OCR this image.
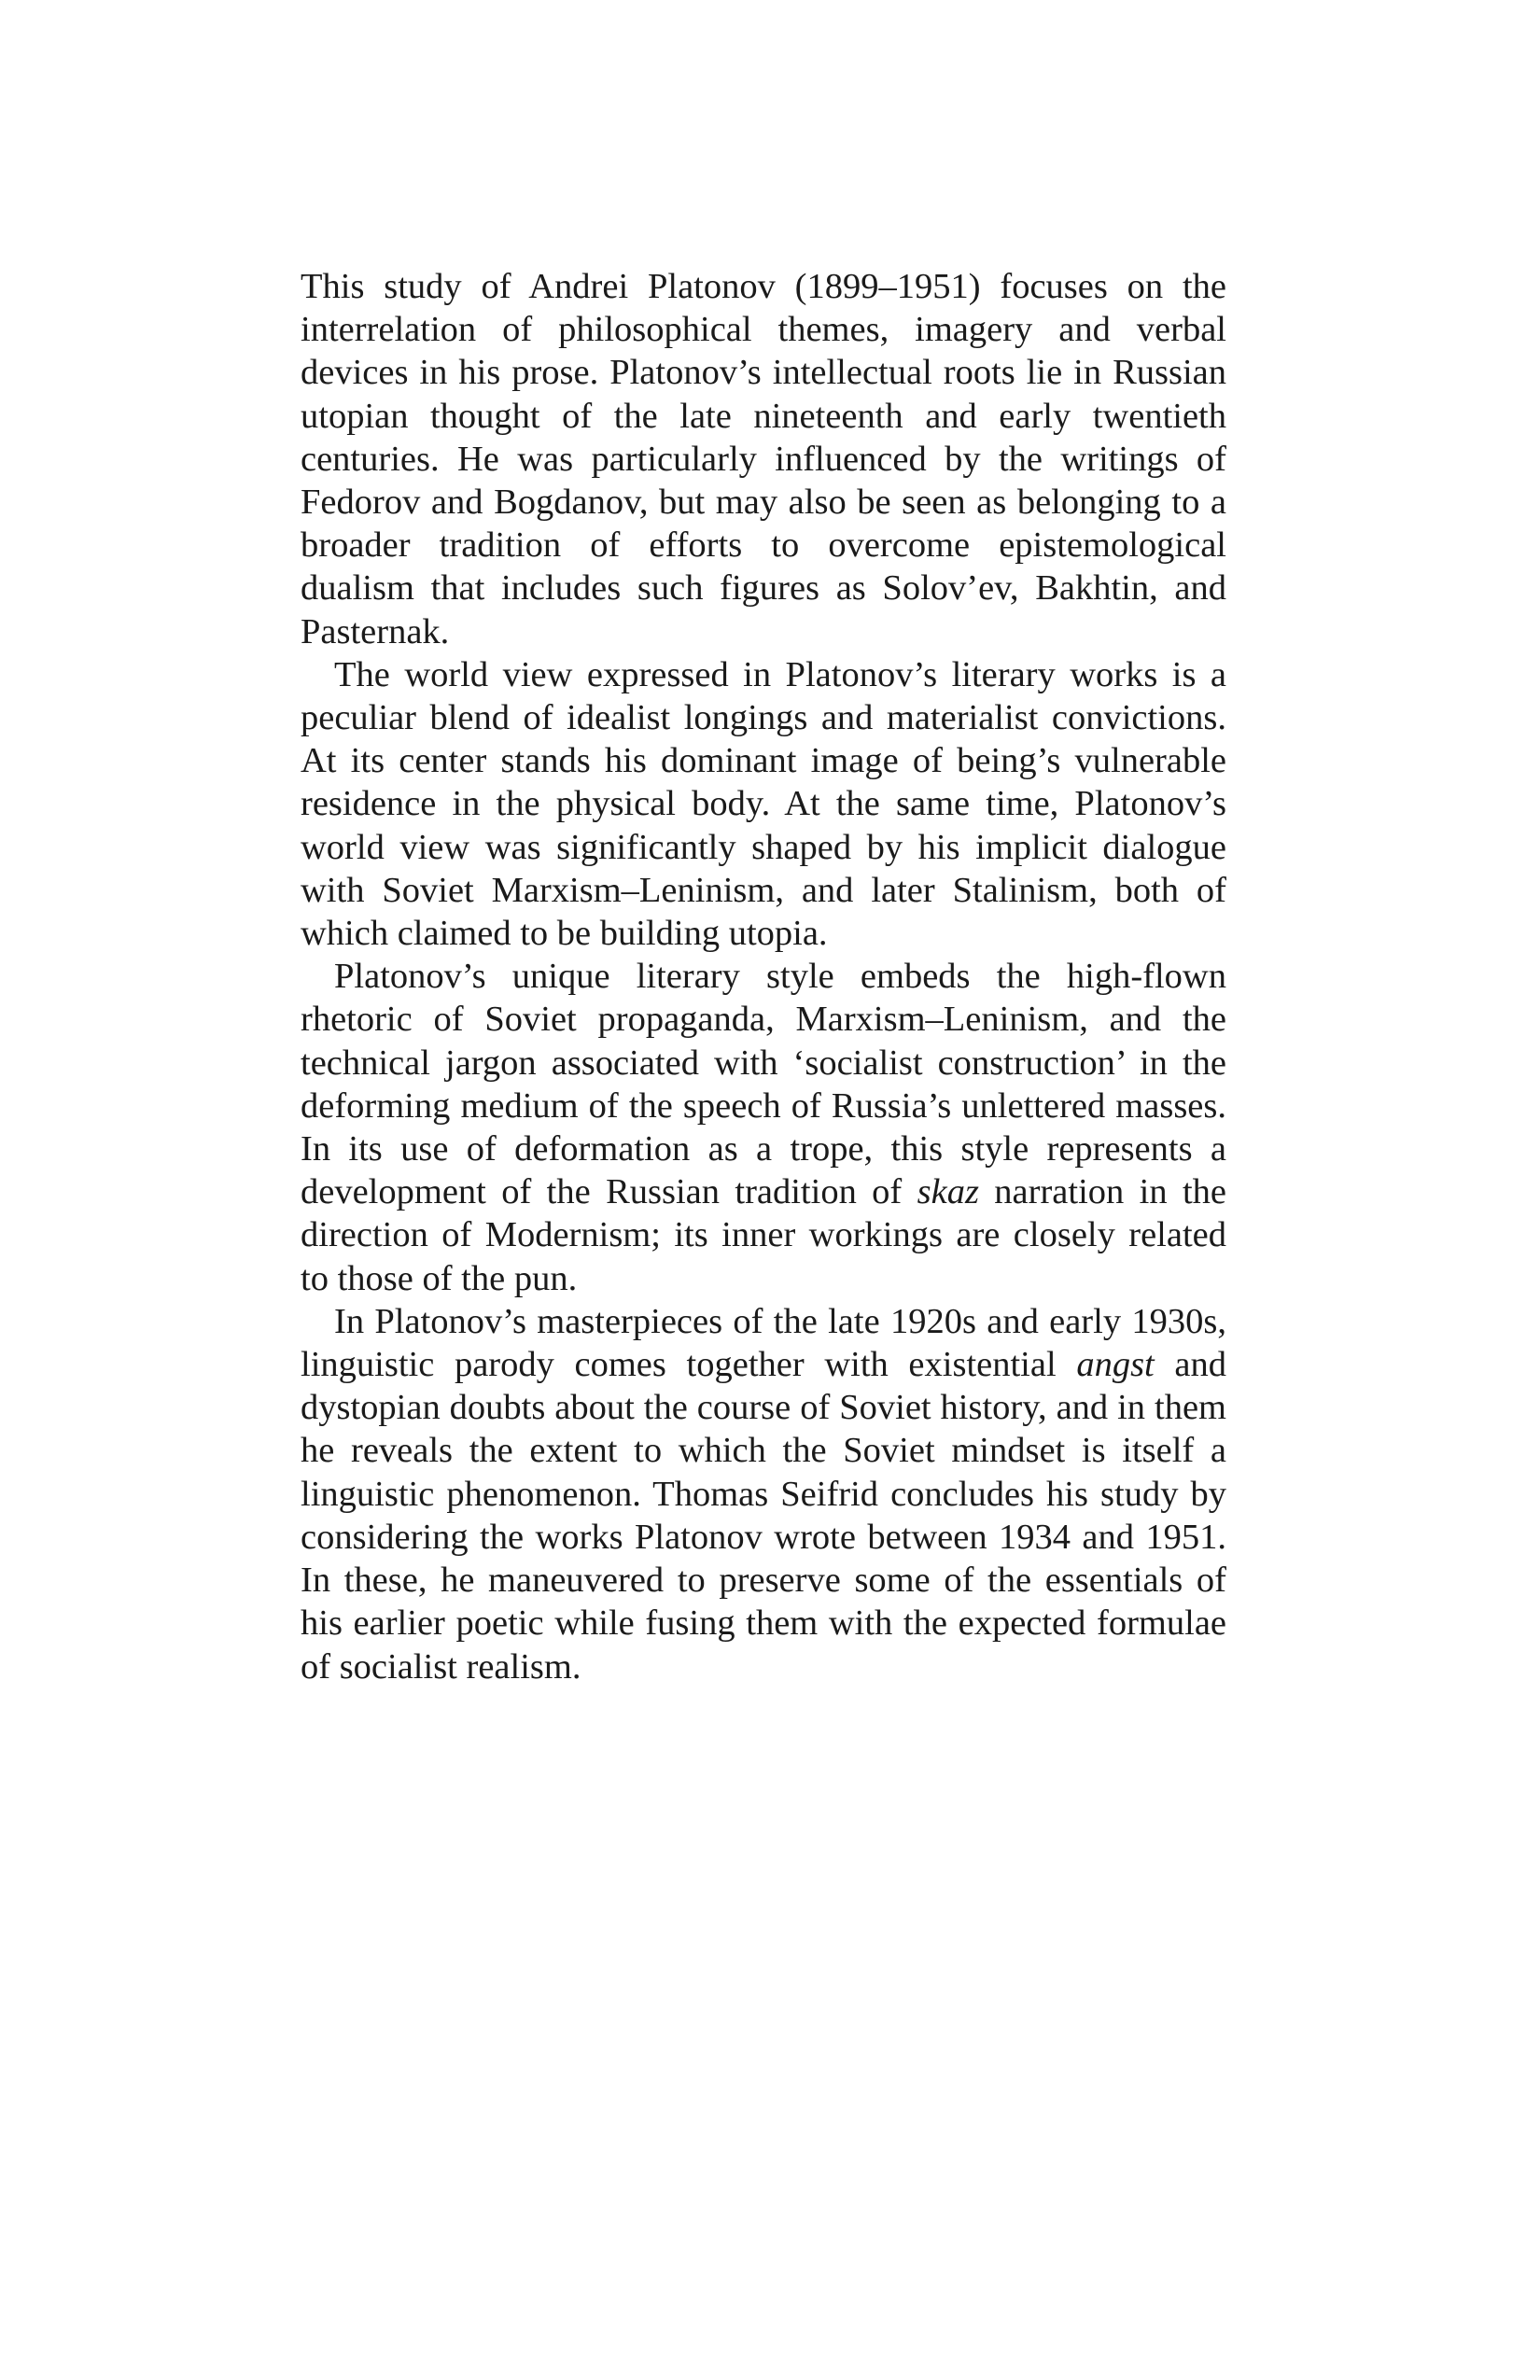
This study of Andrei Platonov (1899–1951) focuses on the interrelation of philosophical themes, imagery and verbal devices in his prose. Platonov’s intellectual roots lie in Russian utopian thought of the late nineteenth and early twentieth centuries. He was particularly influenced by the writings of Fedorov and Bogdanov, but may also be seen as belonging to a broader tradition of efforts to overcome epistemological dualism that includes such figures as Solov’ev, Bakhtin, and Pasternak.

The world view expressed in Platonov’s literary works is a peculiar blend of idealist longings and materialist convictions. At its center stands his dominant image of being’s vulnerable residence in the physical body. At the same time, Platonov’s world view was significantly shaped by his implicit dialogue with Soviet Marxism–Leninism, and later Stalinism, both of which claimed to be building utopia.

Platonov’s unique literary style embeds the high-flown rhetoric of Soviet propaganda, Marxism–Leninism, and the technical jargon associated with ‘socialist construction’ in the deforming medium of the speech of Russia’s unlettered masses. In its use of deformation as a trope, this style represents a development of the Russian tradition of skaz narration in the direction of Modernism; its inner workings are closely related to those of the pun.

In Platonov’s masterpieces of the late 1920s and early 1930s, linguistic parody comes together with existential angst and dystopian doubts about the course of Soviet history, and in them he reveals the extent to which the Soviet mindset is itself a linguistic phenomenon. Thomas Seifrid concludes his study by considering the works Platonov wrote between 1934 and 1951. In these, he maneuvered to preserve some of the essentials of his earlier poetic while fusing them with the expected formulae of socialist realism.
